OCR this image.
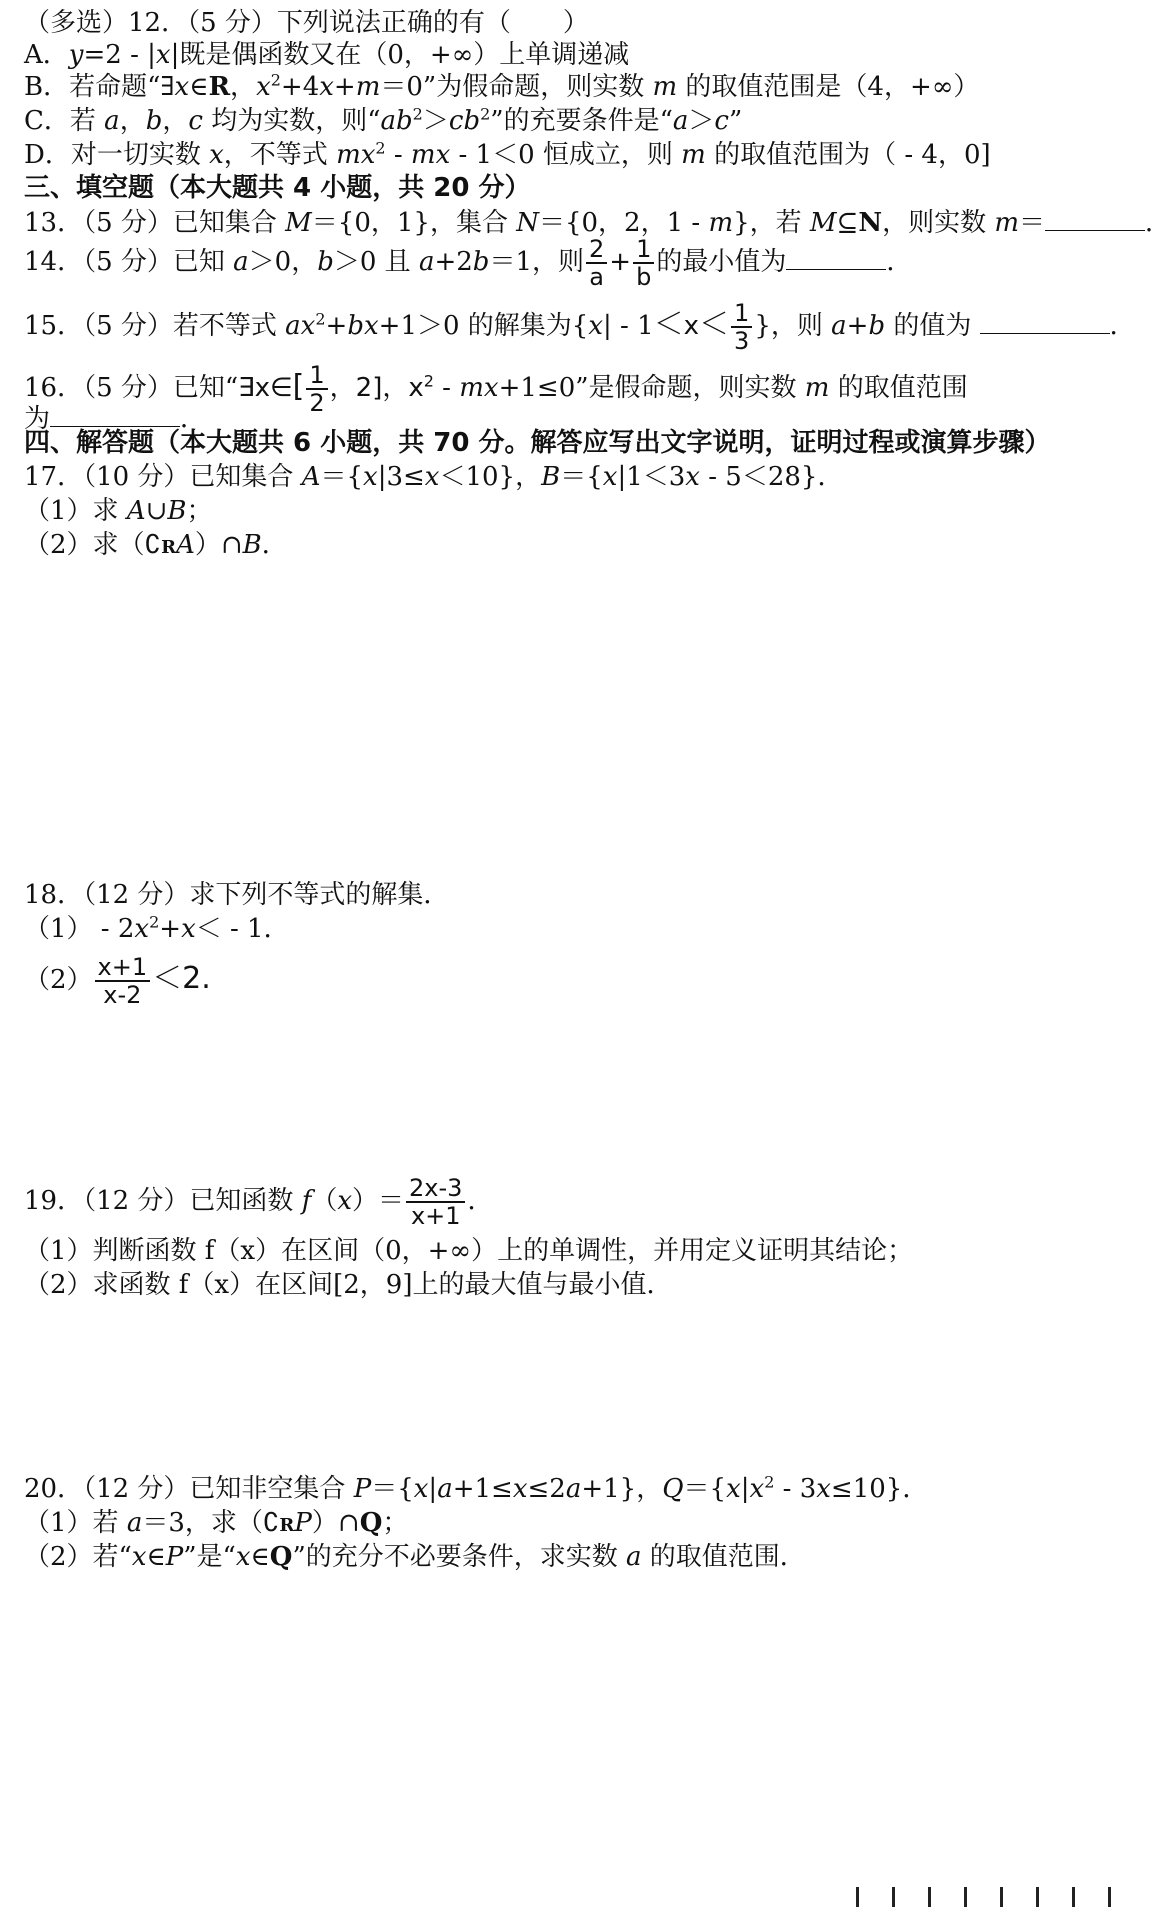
（多选）12．（5 分）下列说法正确的有（　　）
A．y=2 - |x|既是偶函数又在（0，+∞）上单调递减
B．若命题“∃x∈R，$x^2+4x+m=0$”为假命题，则实数 m 的取值范围是（4，+∞）
C．若 a，b，c 均为实数，则“$ab^2>cb^2$”的充要条件是“a＞c”
D．对一切实数 x，不等式 $mx^2$ - mx - 1＜0 恒成立，则 m 的取值范围为（ - 4，0]
三、填空题（本大题共 4 小题，共 20 分）
13．（5 分）已知集合 M＝{0，1}，集合 N＝{0，2，1 - m}，若 M⊆N，则实数 m＝	．
14．（5 分）已知 a＞0，b＞0 且 a+2b＝1，则 $\frac{2}{a} + \frac{1}{b}$ 的最小值为	．
15．（5 分）若不等式 $ax^2+bx+1>0$ 的解集为{$x| - 1<x< \frac{1}{3}$ }，则 a+b 的值为	．
16．（5 分）已知“∃x∈[ $\frac{1}{2}$ ，2]，$x^2 - mx+1\le 0$”是假命题，则实数 m 的取值范围
为	．
四、解答题（本大题共 6 小题，共 70 分。解答应写出文字说明，证明过程或演算步骤）
17．（10 分）已知集合 A＝{x|3≤x＜10}，B＝{x|1＜3x - 5＜28}．
（1）求 A∪B；
（2）求（∁RA）∩B．
18．（12 分）求下列不等式的解集．
$(1) - 2x^2+x< - 1$．
$(2) \frac{x+1}{x-2} <2$.
19．（12 分）已知函数 $f(x)= \frac{2x-3}{x+1}$ ．
（1）判断函数 f（x）在区间（0，+∞）上的单调性，并用定义证明其结论；
（2）求函数 f（x）在区间[2，9]上的最大值与最小值．
20．（12 分）已知非空集合 P＝{x|a+1≤x≤2a+1}，$Q=\{x|x^2 - 3x\le 10\}$．
（1）若 a＝3，求（∁RP）∩Q；
（2）若“x∈P”是“x∈Q”的充分不必要条件，求实数 a 的取值范围．
